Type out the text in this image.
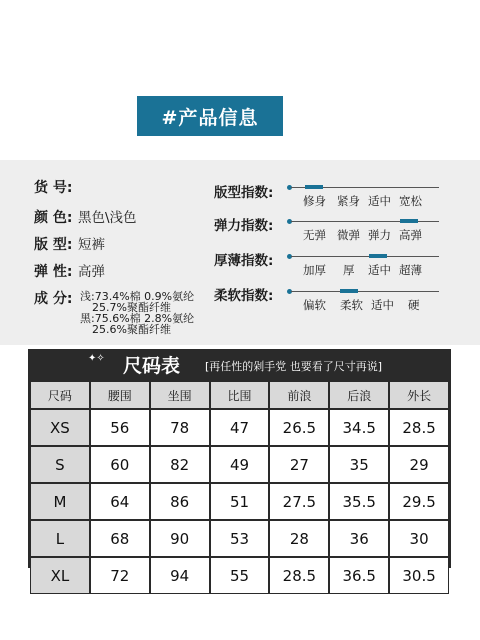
#产品信息
货 号:
颜 色: 黑色\浅色
版 型: 短裤
弹 性: 高弹
成 分: 浅:73.4%棉 0.9%氨纶
25.7%聚酯纤维
黑:75.6%棉 2.8%氨纶
25.6%聚酯纤维
版型指数:	修身 紧身 适中 宽松
弹力指数:
无弹 微弹 弹力 高弹
厚薄指数:
加厚 厚 适中 超薄
柔软指数:
偏软 柔软 适中 硬
✦✧ 尺码表 [再任性的剁手党 也要看了尺寸再说]
尺码	腰围	坐围	比围	前浪	后浪	外长
XS	56	78	47	26.5	34.5	28.5
S	60	82	49	27	35	29
M	64	86	51	27.5	35.5	29.5
L	68	90	53	28	36	30
XL	72	94	55	28.5	36.5	30.5
